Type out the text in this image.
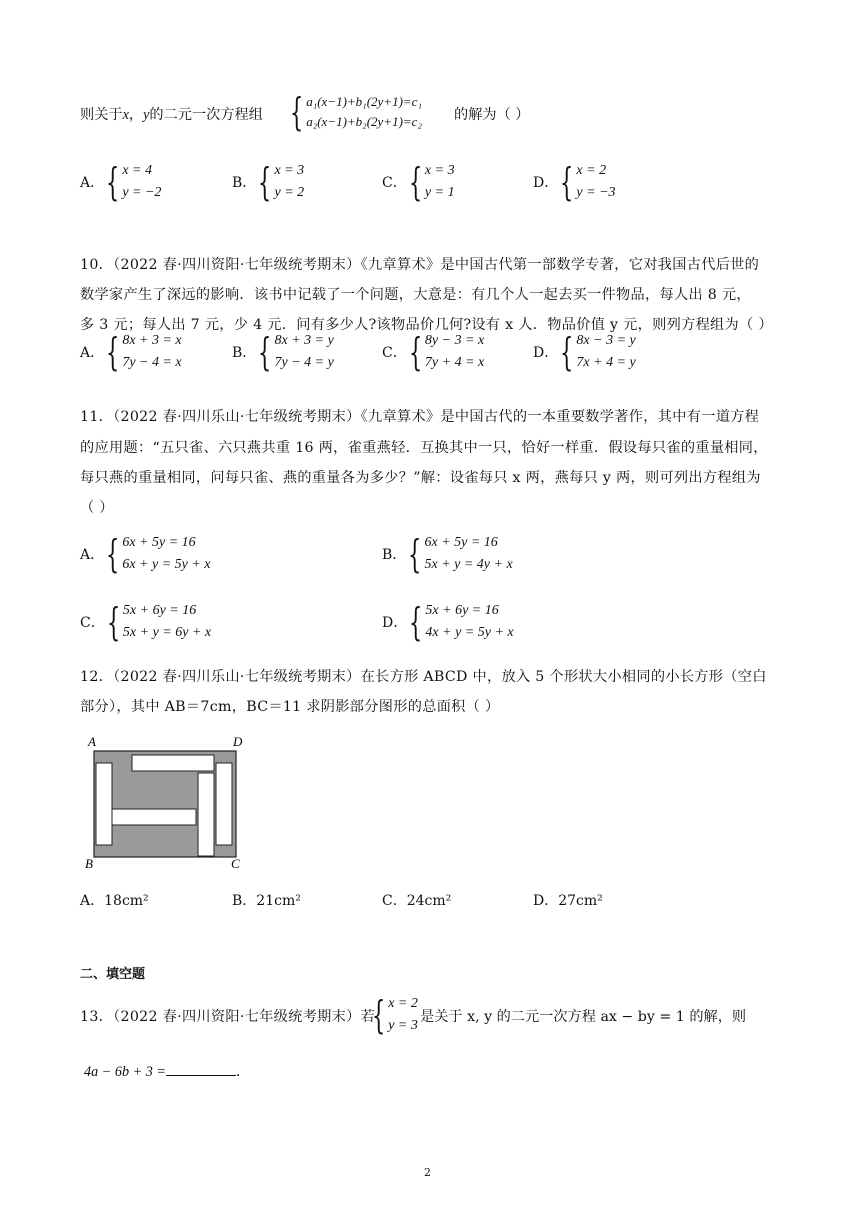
则关于x，y的二元一次方程组 { a₁(x−1)+b₁(2y+1)=c₁
a₂(x−1)+b₂(2y+1)=c₂ 的解为（ ）
A． { x = 4
y = −2
B． { x = 3
y = 2
C． { x = 3
y = 1
D． { x = 2
y = −3
10．（2022 春·四川资阳·七年级统考期末）《九章算术》是中国古代第一部数学专著，它对我国古代后世的
数学家产生了深远的影响．该书中记载了一个问题，大意是：有几个人一起去买一件物品，每人出 8 元，
多 3 元；每人出 7 元，少 4 元．问有多少人?该物品价几何?设有 x 人．物品价值 y 元，则列方程组为（ ）
A． { 8x + 3 = x
7y − 4 = x
B． { 8x + 3 = y
7y − 4 = y
C． { 8y − 3 = x
7y + 4 = x
D． { 8x − 3 = y
7x + 4 = y
11．（2022 春·四川乐山·七年级统考期末）《九章算术》是中国古代的一本重要数学著作，其中有一道方程
的应用题：“五只雀、六只燕共重 16 两，雀重燕轻．互换其中一只，恰好一样重．假设每只雀的重量相同，
每只燕的重量相同，问每只雀、燕的重量各为多少？”解：设雀每只 x 两，燕每只 y 两，则可列出方程组为
（ ）
A． { 6x + 5y = 16
6x + y = 5y + x
B． { 6x + 5y = 16
5x + y = 4y + x
C． { 5x + 6y = 16
5x + y = 6y + x
D． { 5x + 6y = 16
4x + y = 5y + x
12．（2022 春·四川乐山·七年级统考期末）在长方形 ABCD 中，放入 5 个形状大小相同的小长方形（空白
部分），其中 AB＝7cm，BC＝11 求阴影部分图形的总面积（ ）
A	D
B	C
A．18cm²	B．21cm²	C．24cm²	D．27cm²
二、填空题
13．（2022 春·四川资阳·七年级统考期末）若
{ x = 2
y = 3
是关于 x, y 的二元一次方程 ax − by = 1 的解，则
4a − 6b + 3 =	．
2
